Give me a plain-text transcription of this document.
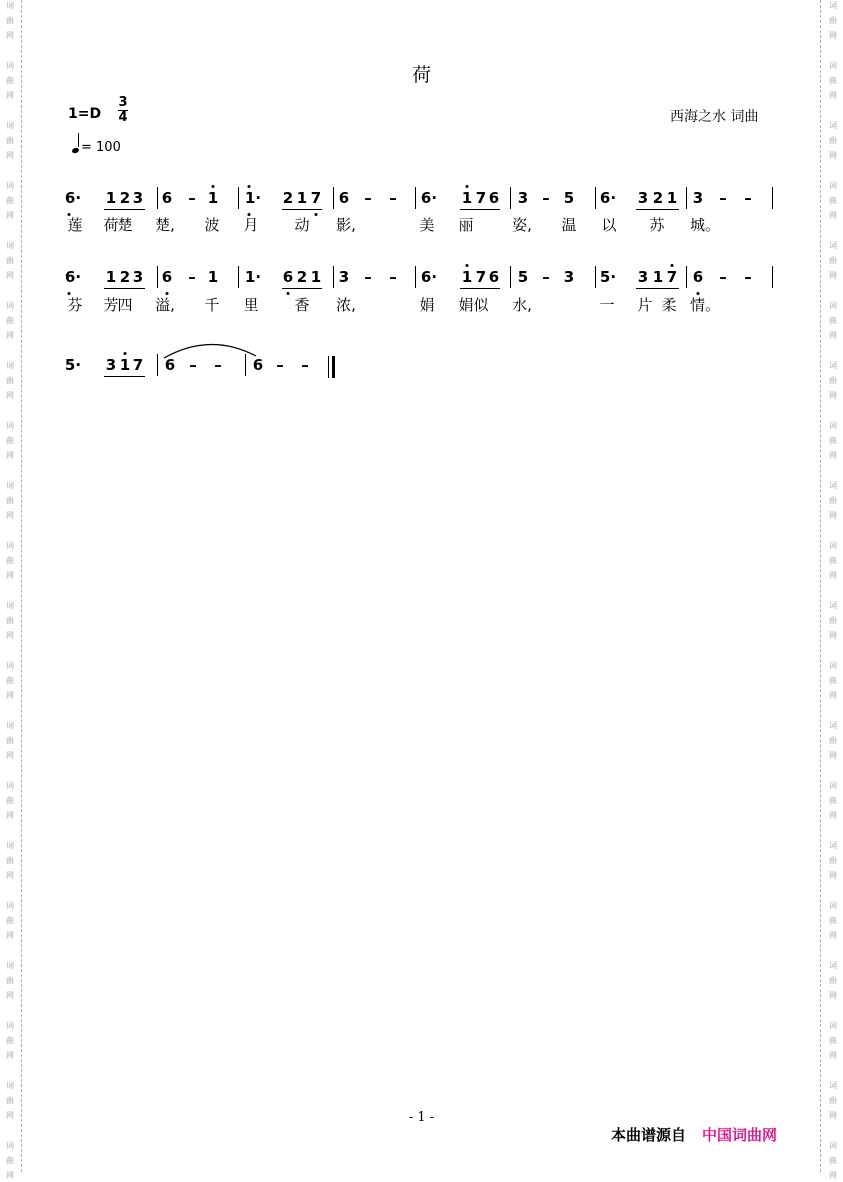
词
曲
网
词
曲
网
词
曲
网
词
曲
网
词
曲
网
词
曲
网
词
曲
网
词
曲
网
词
曲
网
词
曲
网
词
曲
网
词
曲
网
词
曲
网
词
曲
网
词
曲
网
词
曲
网
词
曲
网
词
曲
网
词
曲
网
词
曲
网
词
曲
网
词
曲
网
词
曲
网
词
曲
网
词
曲
网
词
曲
网
词
曲
网
词
曲
网
词
曲
网
词
曲
网
词
曲
网
词
曲
网
词
曲
网
词
曲
网
词
曲
网
词
曲
网
词
曲
网
词
曲
网
词
曲
网
词
曲
网
荷
1=D
3
4
= 100
西海之水 词曲
6· 1 2 3 6 – 1 1· 2 1 7 6 – – 6· 1 7 6 3 – 5 6· 3 2 1 3 – –
莲 荷
楚 楚, 波 月 动 影,	美 丽	姿, 温 以 苏 城。
6· 1 2 3 6 – 1 1· 6 2 1 3 – – 6· 1 7 6 5 – 3 5· 3 1 7 6 – –
芬 芳
四 溢, 千 里 香 浓,	娟 娟 似 水,	一 片 柔 情。
5· 3 1 7 6 – – 6 – –
- 1 -
本曲谱源自 中国词曲网
